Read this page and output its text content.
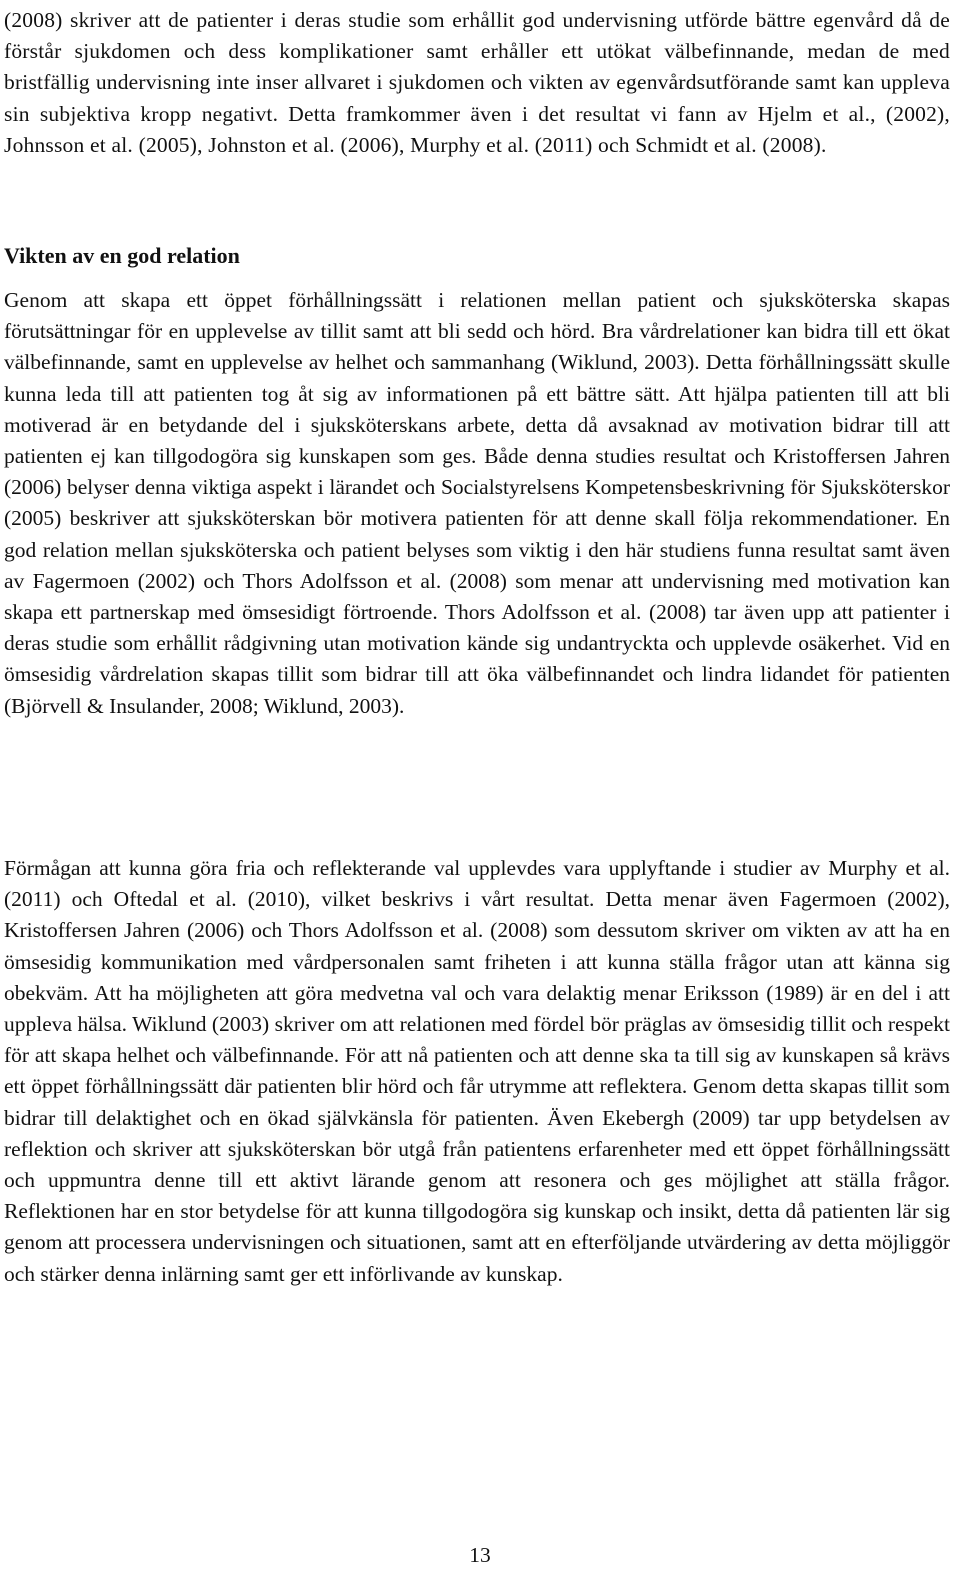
(2008) skriver att de patienter i deras studie som erhållit god undervisning utförde bättre egenvård då de förstår sjukdomen och dess komplikationer samt erhåller ett utökat välbefinnande, medan de med bristfällig undervisning inte inser allvaret i sjukdomen och vikten av egenvårdsutförande samt kan uppleva sin subjektiva kropp negativt. Detta framkommer även i det resultat vi fann av Hjelm et al., (2002), Johnsson et al. (2005), Johnston et al. (2006), Murphy et al. (2011) och Schmidt et al. (2008).

Vikten av en god relation

Genom att skapa ett öppet förhållningssätt i relationen mellan patient och sjuksköterska skapas förutsättningar för en upplevelse av tillit samt att bli sedd och hörd. Bra vårdrelationer kan bidra till ett ökat välbefinnande, samt en upplevelse av helhet och sammanhang (Wiklund, 2003). Detta förhållningssätt skulle kunna leda till att patienten tog åt sig av informationen på ett bättre sätt. Att hjälpa patienten till att bli motiverad är en betydande del i sjuksköterskans arbete, detta då avsaknad av motivation bidrar till att patienten ej kan tillgodogöra sig kunskapen som ges. Både denna studies resultat och Kristoffersen Jahren (2006) belyser denna viktiga aspekt i lärandet och Socialstyrelsens Kompetensbeskrivning för Sjuksköterskor (2005) beskriver att sjuksköterskan bör motivera patienten för att denne skall följa rekommendationer. En god relation mellan sjuksköterska och patient belyses som viktig i den här studiens funna resultat samt även av Fagermoen (2002) och Thors Adolfsson et al. (2008) som menar att undervisning med motivation kan skapa ett partnerskap med ömsesidigt förtroende. Thors Adolfsson et al. (2008) tar även upp att patienter i deras studie som erhållit rådgivning utan motivation kände sig undantryckta och upplevde osäkerhet. Vid en ömsesidig vårdrelation skapas tillit som bidrar till att öka välbefinnandet och lindra lidandet för patienten (Björvell & Insulander, 2008; Wiklund, 2003).

Förmågan att kunna göra fria och reflekterande val upplevdes vara upplyftande i studier av Murphy et al. (2011) och Oftedal et al. (2010), vilket beskrivs i vårt resultat. Detta menar även Fagermoen (2002), Kristoffersen Jahren (2006) och Thors Adolfsson et al. (2008) som dessutom skriver om vikten av att ha en ömsesidig kommunikation med vårdpersonalen samt friheten i att kunna ställa frågor utan att känna sig obekväm. Att ha möjligheten att göra medvetna val och vara delaktig menar Eriksson (1989) är en del i att uppleva hälsa. Wiklund (2003) skriver om att relationen med fördel bör präglas av ömsesidig tillit och respekt för att skapa helhet och välbefinnande. För att nå patienten och att denne ska ta till sig av kunskapen så krävs ett öppet förhållningssätt där patienten blir hörd och får utrymme att reflektera. Genom detta skapas tillit som bidrar till delaktighet och en ökad självkänsla för patienten. Även Ekebergh (2009) tar upp betydelsen av reflektion och skriver att sjuksköterskan bör utgå från patientens erfarenheter med ett öppet förhållningssätt och uppmuntra denne till ett aktivt lärande genom att resonera och ges möjlighet att ställa frågor. Reflektionen har en stor betydelse för att kunna tillgodogöra sig kunskap och insikt, detta då patienten lär sig genom att processera undervisningen och situationen, samt att en efterföljande utvärdering av detta möjliggör och stärker denna inlärning samt ger ett införlivande av kunskap.

13
